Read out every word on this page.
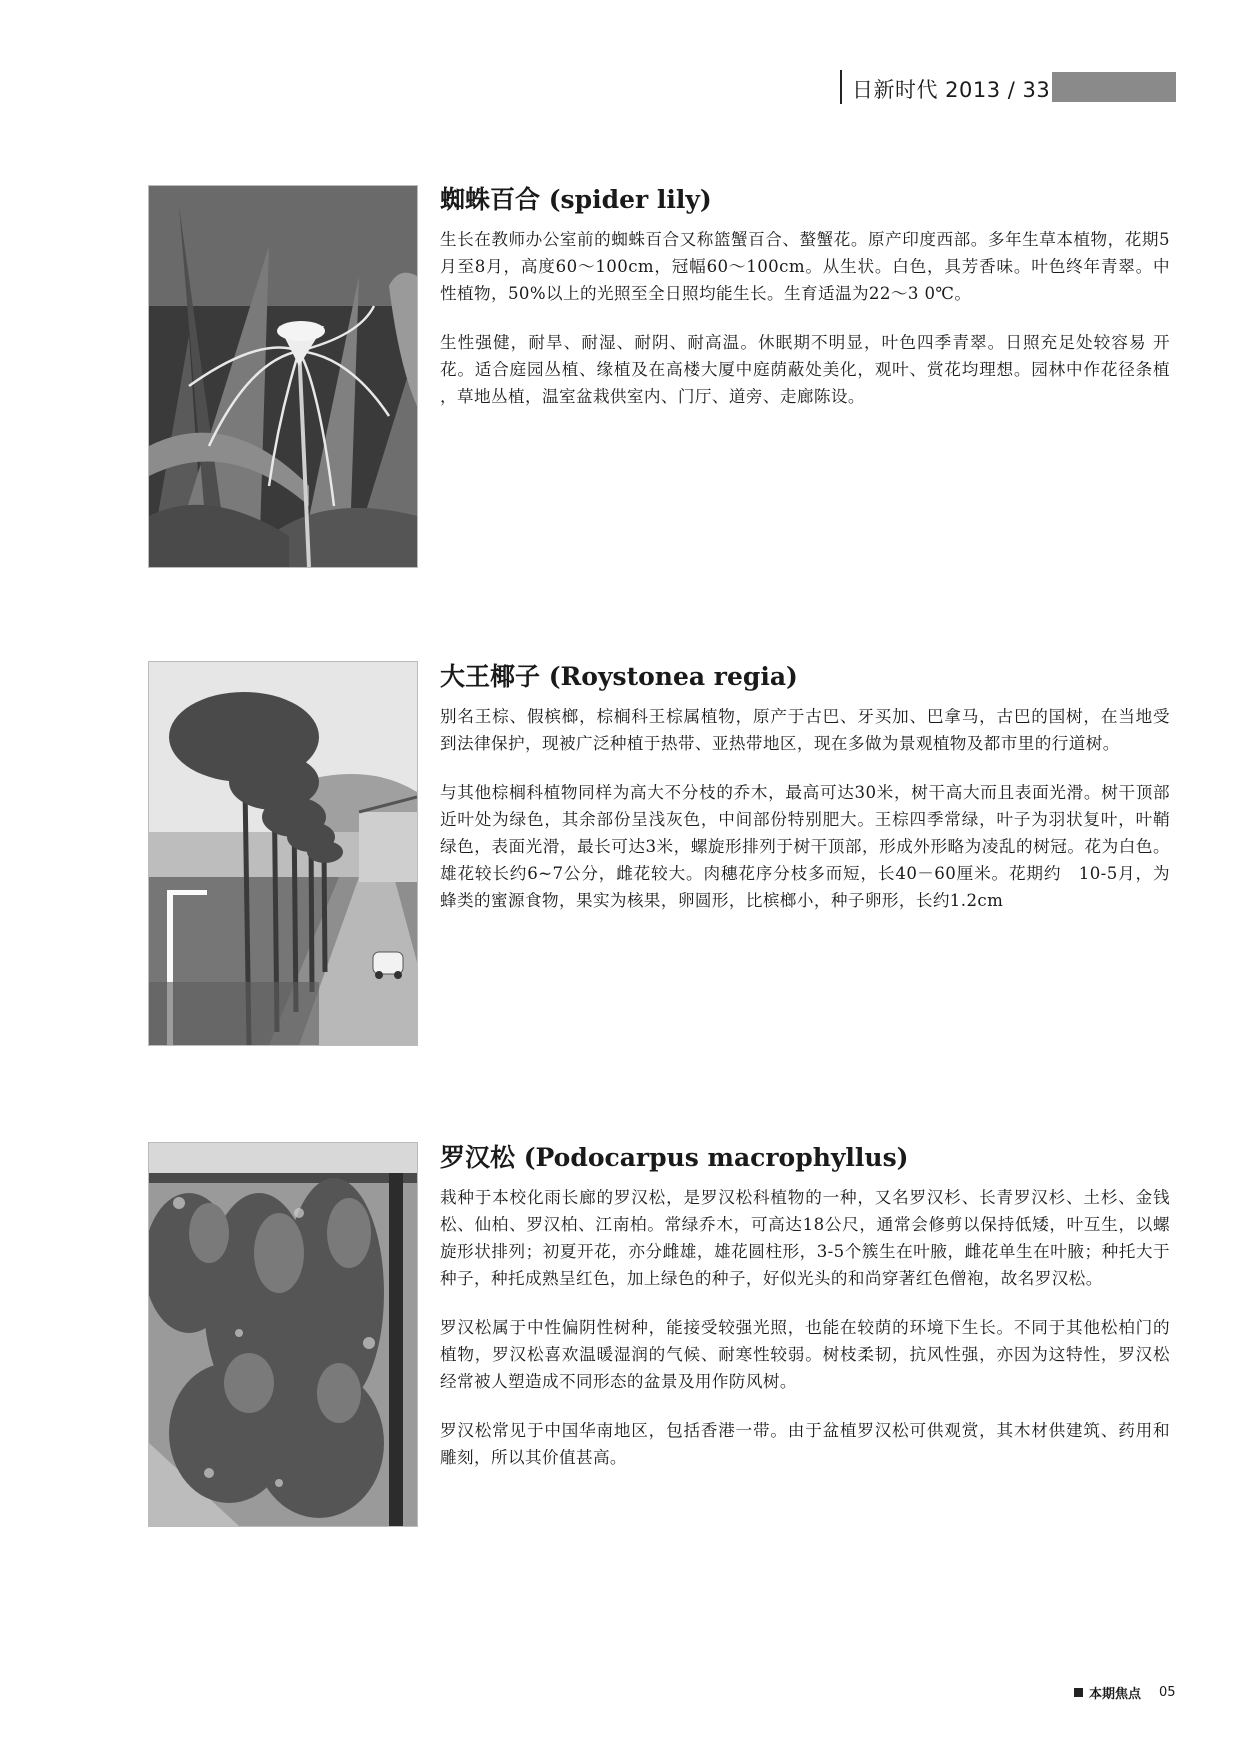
日新时代 2013 / 33
蜘蛛百合 (spider lily)

生长在教师办公室前的蜘蛛百合又称篮蟹百合、螯蟹花。原产印度西部。多年生草本植物，花期5月至8月，高度60～100cm，冠幅60～100cm。从生状。白色，具芳香味。叶色终年青翠。中性植物，50%以上的光照至全日照均能生长。生育适温为22～3 0℃。

生性强健，耐旱、耐湿、耐阴、耐高温。休眠期不明显，叶色四季青翠。日照充足处较容易 开花。适合庭园丛植、缘植及在高楼大厦中庭荫蔽处美化，观叶、赏花均理想。园林中作花径条植 ，草地丛植，温室盆栽供室内、门厅、道旁、走廊陈设。

大王椰子 (Roystonea regia)

别名王棕、假槟榔，棕榈科王棕属植物，原产于古巴、牙买加、巴拿马，古巴的国树，在当地受到法律保护，现被广泛种植于热带、亚热带地区，现在多做为景观植物及都市里的行道树。

与其他棕榈科植物同样为高大不分枝的乔木，最高可达30米，树干高大而且表面光滑。树干顶部近叶处为绿色，其余部份呈浅灰色，中间部份特别肥大。王棕四季常绿，叶子为羽状复叶，叶鞘绿色，表面光滑，最长可达3米，螺旋形排列于树干顶部，形成外形略为凌乱的树冠。花为白色。雄花较长约6~7公分，雌花较大。肉穗花序分枝多而短，长40－60厘米。花期约　10-5月，为蜂类的蜜源食物，果实为核果，卵圆形，比槟榔小，种子卵形，长约1.2cm

罗汉松 (Podocarpus macrophyllus)

栽种于本校化雨长廊的罗汉松，是罗汉松科植物的一种，又名罗汉杉、长青罗汉杉、土杉、金钱松、仙柏、罗汉柏、江南柏。常绿乔木，可高达18公尺，通常会修剪以保持低矮，叶互生，以螺旋形状排列；初夏开花，亦分雌雄，雄花圆柱形，3-5个簇生在叶腋，雌花单生在叶腋；种托大于种子，种托成熟呈红色，加上绿色的种子，好似光头的和尚穿著红色僧袍，故名罗汉松。

罗汉松属于中性偏阴性树种，能接受较强光照，也能在较荫的环境下生长。不同于其他松柏门的植物，罗汉松喜欢温暖湿润的气候、耐寒性较弱。树枝柔韧，抗风性强，亦因为这特性，罗汉松经常被人塑造成不同形态的盆景及用作防风树。

罗汉松常见于中国华南地区，包括香港一带。由于盆植罗汉松可供观赏，其木材供建筑、药用和雕刻，所以其价值甚高。

本期焦点 05
